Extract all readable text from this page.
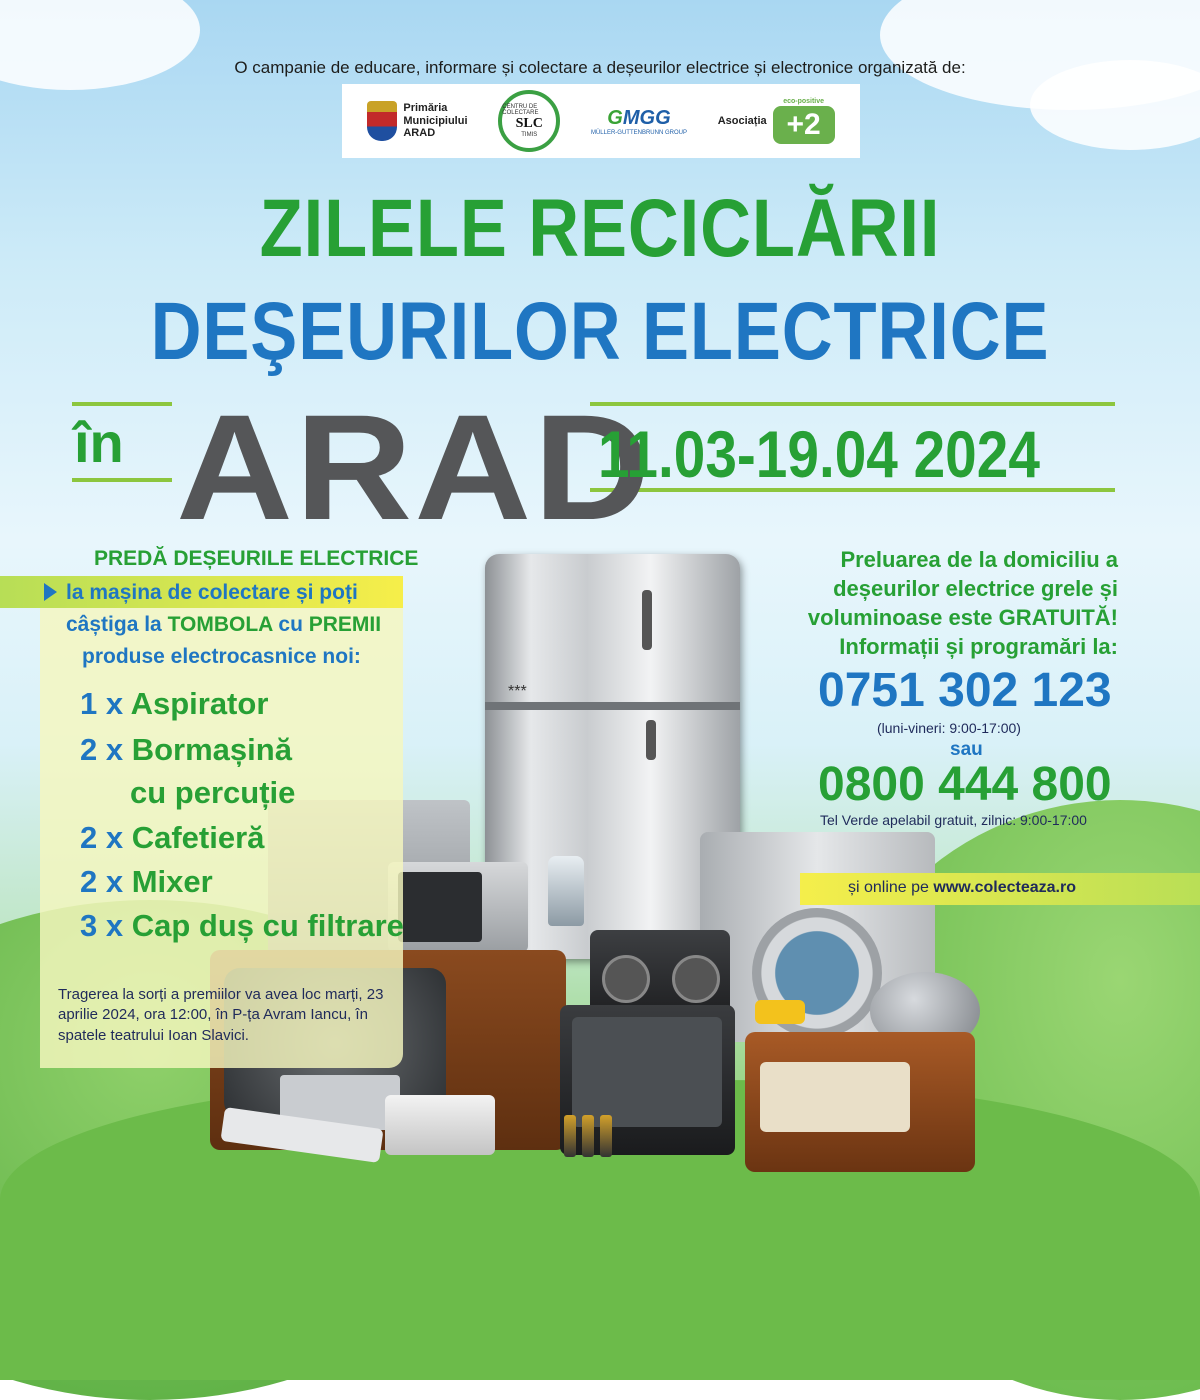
O campanie de educare, informare și colectare a deșeurilor electrice și electronice organizată de:
Primăria
Municipiului
ARAD
CENTRU DE COLECTARE
SLC
TIMIS
GMGG
MÜLLER-GUTTENBRUNN GROUP
Asociația
eco-positive
+2
ZILELE RECICLĂRII
DEŞEURILOR ELECTRICE
în ARAD
11.03-19.04 2024
***
PREDĂ DEȘEURILE ELECTRICE
la mașina de colectare și poți
câștiga la TOMBOLA cu PREMII
produse electrocasnice noi:
1 x Aspirator
2 x Bormașină
cu percuție
2 x Cafetieră
2 x Mixer
3 x Cap duș cu filtrare
Tragerea la sorți a premiilor va avea loc marți, 23 aprilie 2024, ora 12:00, în P-ța Avram Iancu, în spatele teatrului Ioan Slavici.
Preluarea de la domiciliu a
deșeurilor electrice grele și
voluminoase este GRATUITĂ!
Informații și programări la:
0751 302 123
(luni-vineri: 9:00-17:00)
sau
0800 444 800
Tel Verde apelabil gratuit, zilnic: 9:00-17:00
și online pe www.colecteaza.ro
